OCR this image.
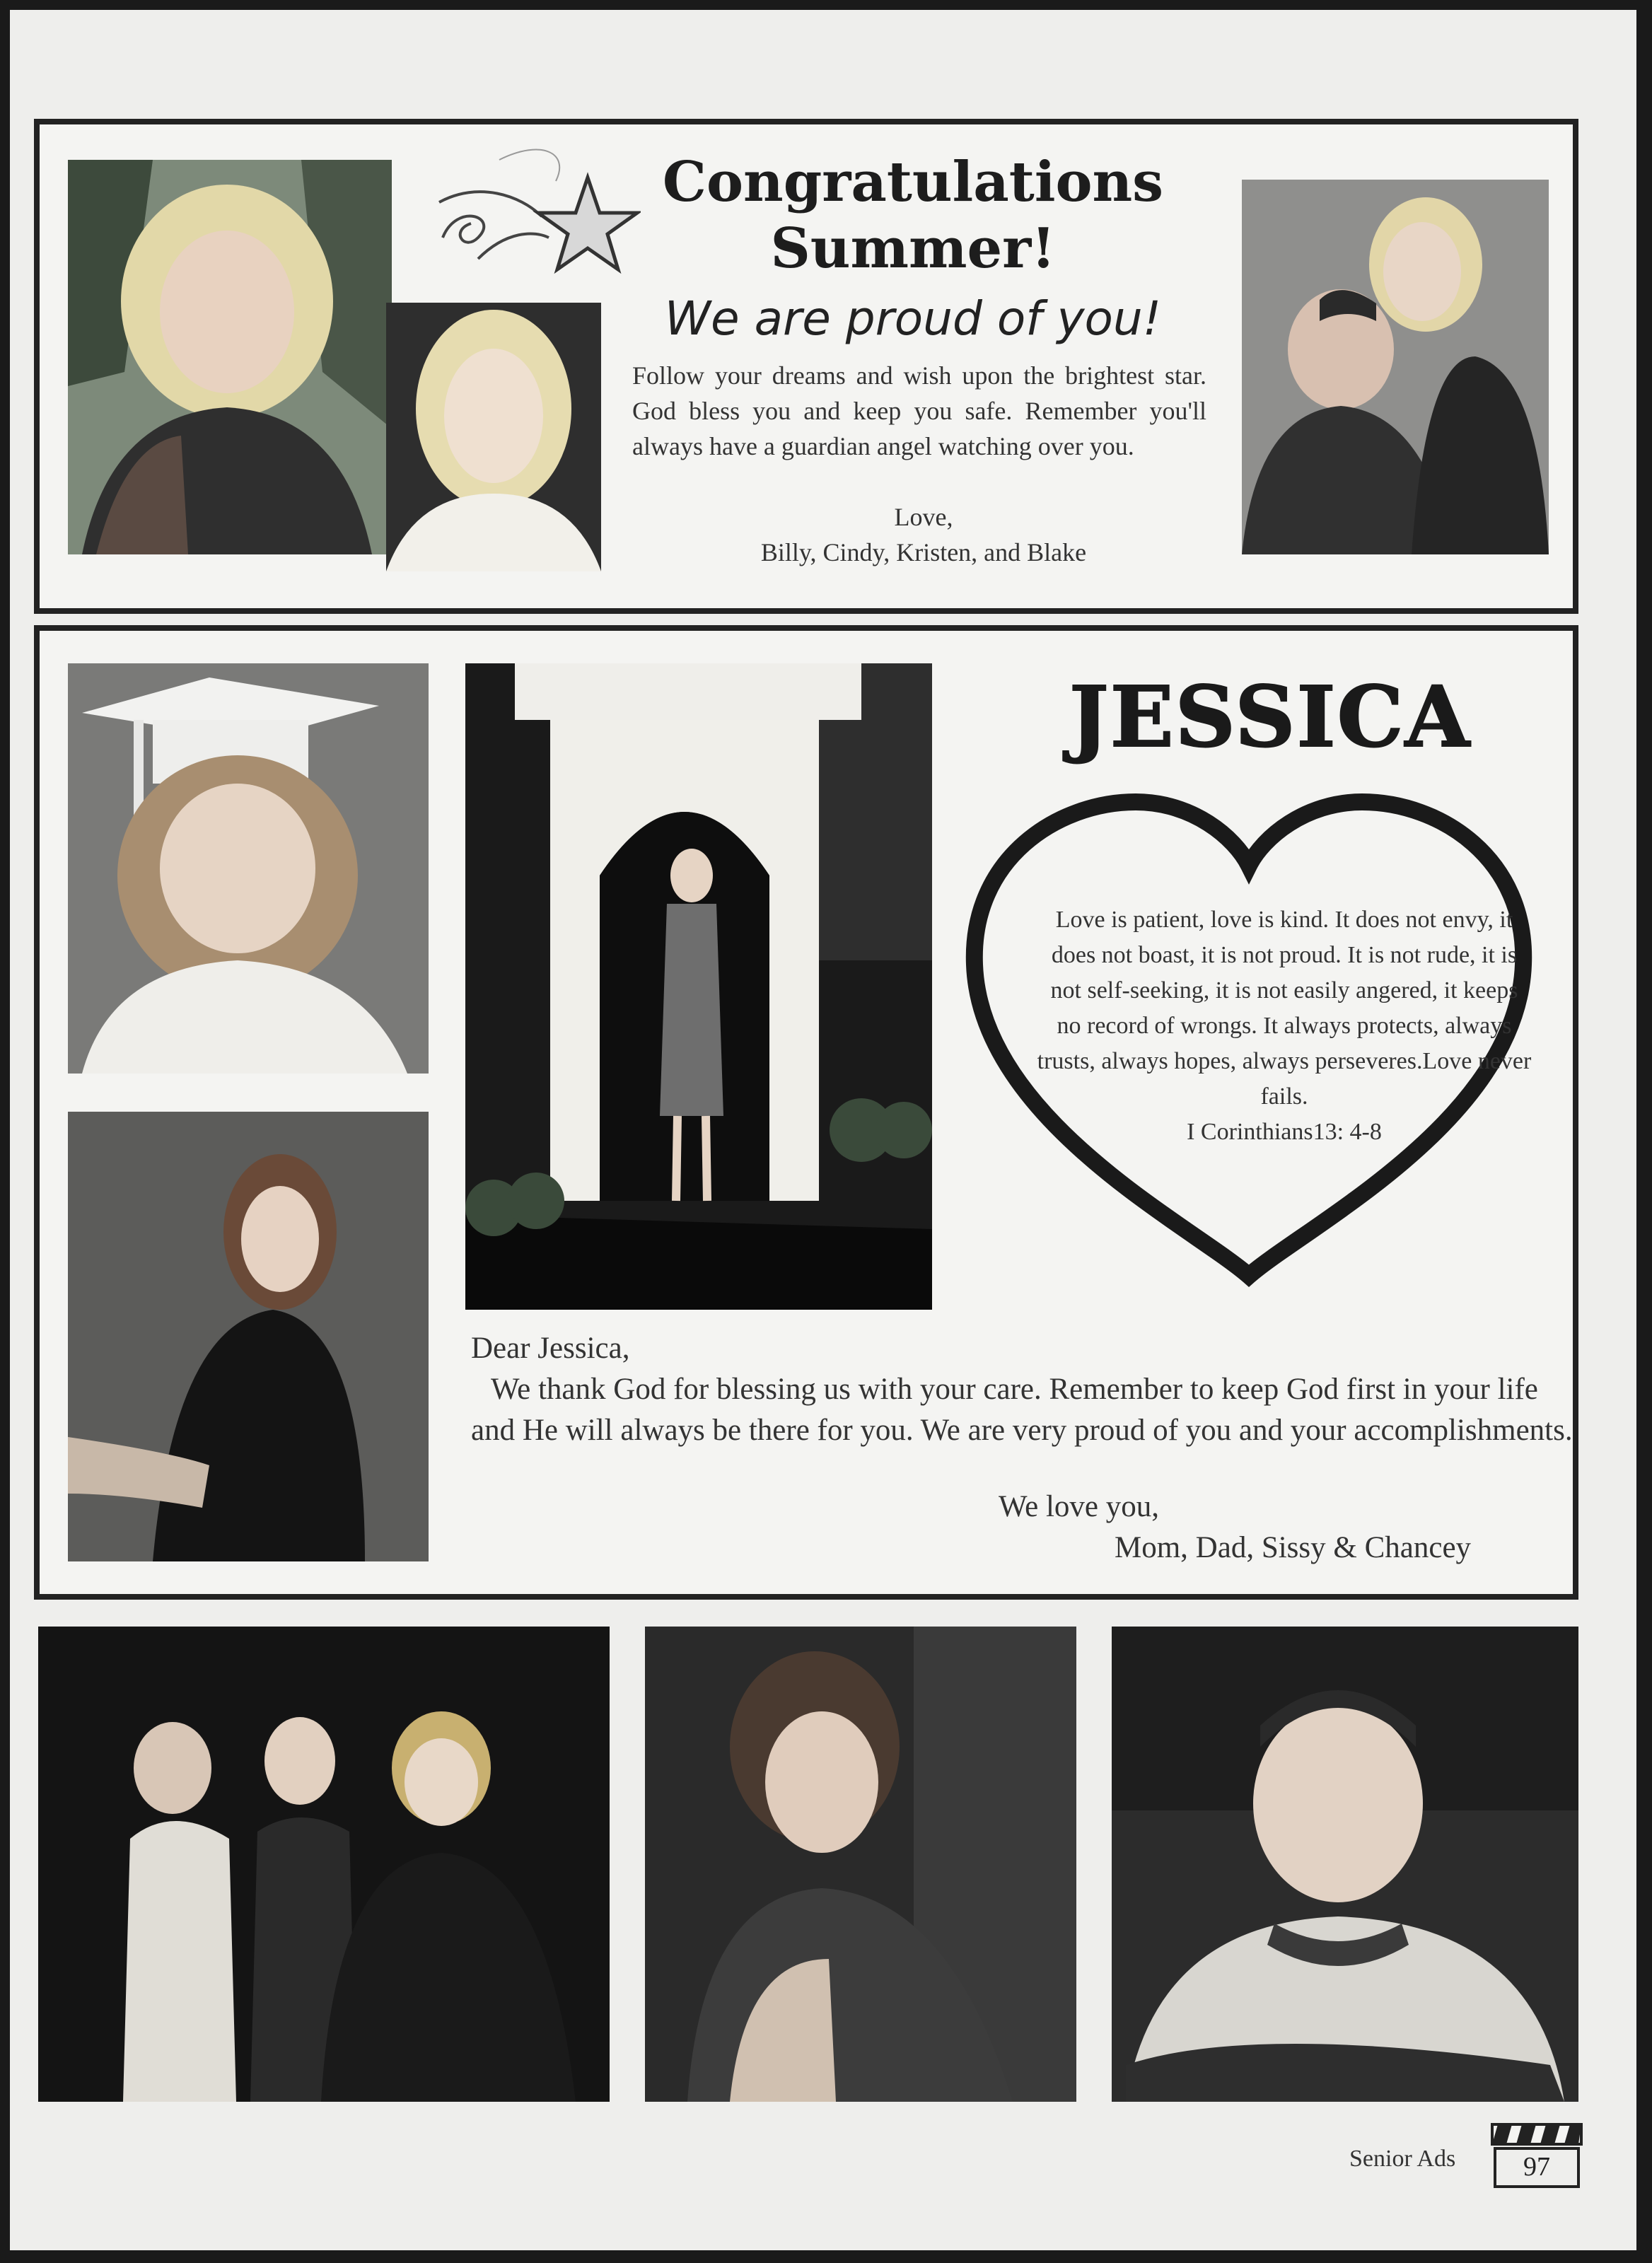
Congratulations
Summer!
We are proud of you!
Follow your dreams and wish upon the brightest star. God bless you and keep you safe. Remember you'll always have a guardian angel watching over you.
Love,
Billy, Cindy, Kristen, and Blake
JESSICA
Love is patient, love is kind. It does not envy, it does not boast, it is not proud. It is not rude, it is not self-seeking, it is not easily angered, it keeps no record of wrongs. It always protects, always trusts, always hopes, always perseveres.Love never fails.
I Corinthians13: 4-8
Dear Jessica,
We thank God for blessing us with your care. Remember to keep God first in your life and He will always be there for you. We are very proud of you and your accomplishments.
We love you,
Mom, Dad, Sissy & Chancey
Senior Ads	97
